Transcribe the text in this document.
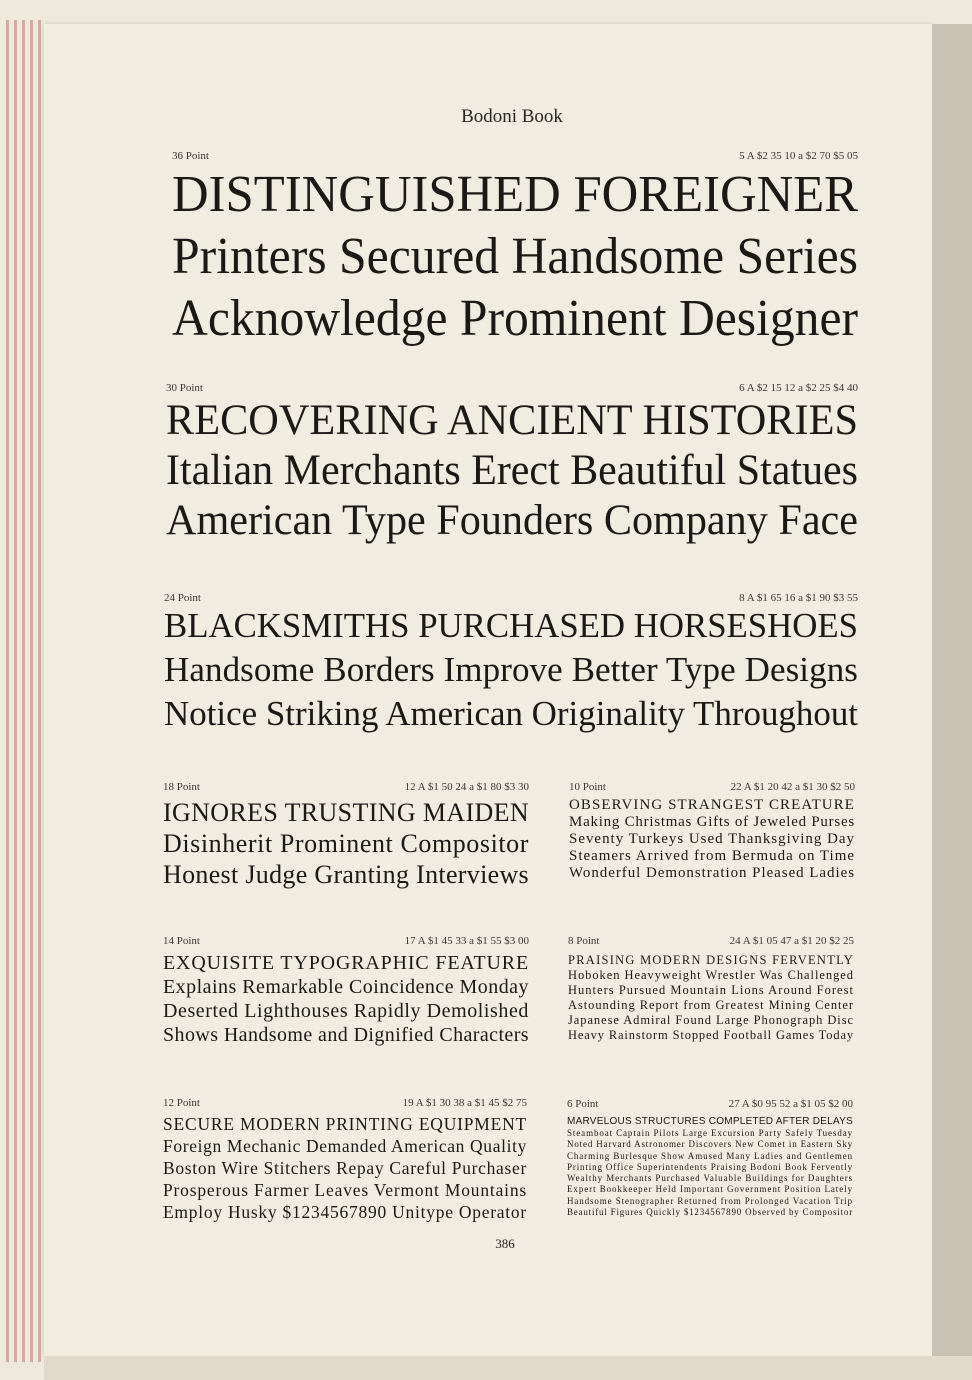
Bodoni Book
36 Point	5 A $2 35 10 a $2 70 $5 05
DISTINGUISHED FOREIGNER
Printers Secured Handsome Series
Acknowledge Prominent Designer
30 Point	6 A $2 15 12 a $2 25 $4 40
RECOVERING ANCIENT HISTORIES
Italian Merchants Erect Beautiful Statues
American Type Founders Company Face
24 Point	8 A $1 65 16 a $1 90 $3 55
BLACKSMITHS PURCHASED HORSESHOES
Handsome Borders Improve Better Type Designs
Notice Striking American Originality Throughout
18 Point	12 A $1 50 24 a $1 80 $3 30
IGNORES TRUSTING MAIDEN
Disinherit Prominent Compositor
Honest Judge Granting Interviews
10 Point	22 A $1 20 42 a $1 30 $2 50
OBSERVING STRANGEST CREATURE
Making Christmas Gifts of Jeweled Purses
Seventy Turkeys Used Thanksgiving Day
Steamers Arrived from Bermuda on Time
Wonderful Demonstration Pleased Ladies
14 Point	17 A $1 45 33 a $1 55 $3 00
EXQUISITE TYPOGRAPHIC FEATURE
Explains Remarkable Coincidence Monday
Deserted Lighthouses Rapidly Demolished
Shows Handsome and Dignified Characters
8 Point	24 A $1 05 47 a $1 20 $2 25
PRAISING MODERN DESIGNS FERVENTLY
Hoboken Heavyweight Wrestler Was Challenged
Hunters Pursued Mountain Lions Around Forest
Astounding Report from Greatest Mining Center
Japanese Admiral Found Large Phonograph Disc
Heavy Rainstorm Stopped Football Games Today
12 Point	19 A $1 30 38 a $1 45 $2 75
SECURE MODERN PRINTING EQUIPMENT
Foreign Mechanic Demanded American Quality
Boston Wire Stitchers Repay Careful Purchaser
Prosperous Farmer Leaves Vermont Mountains
Employ Husky $1234567890 Unitype Operator
6 Point	27 A $0 95 52 a $1 05 $2 00
MARVELOUS STRUCTURES COMPLETED AFTER DELAYS
Steamboat Captain Pilots Large Excursion Party Safely Tuesday
Noted Harvard Astronomer Discovers New Comet in Eastern Sky
Charming Burlesque Show Amused Many Ladies and Gentlemen
Printing Office Superintendents Praising Bodoni Book Fervently
Wealthy Merchants Purchased Valuable Buildings for Daughters
Expert Bookkeeper Held Important Government Position Lately
Handsome Stenographer Returned from Prolonged Vacation Trip
Beautiful Figures Quickly $1234567890 Observed by Compositor
386
